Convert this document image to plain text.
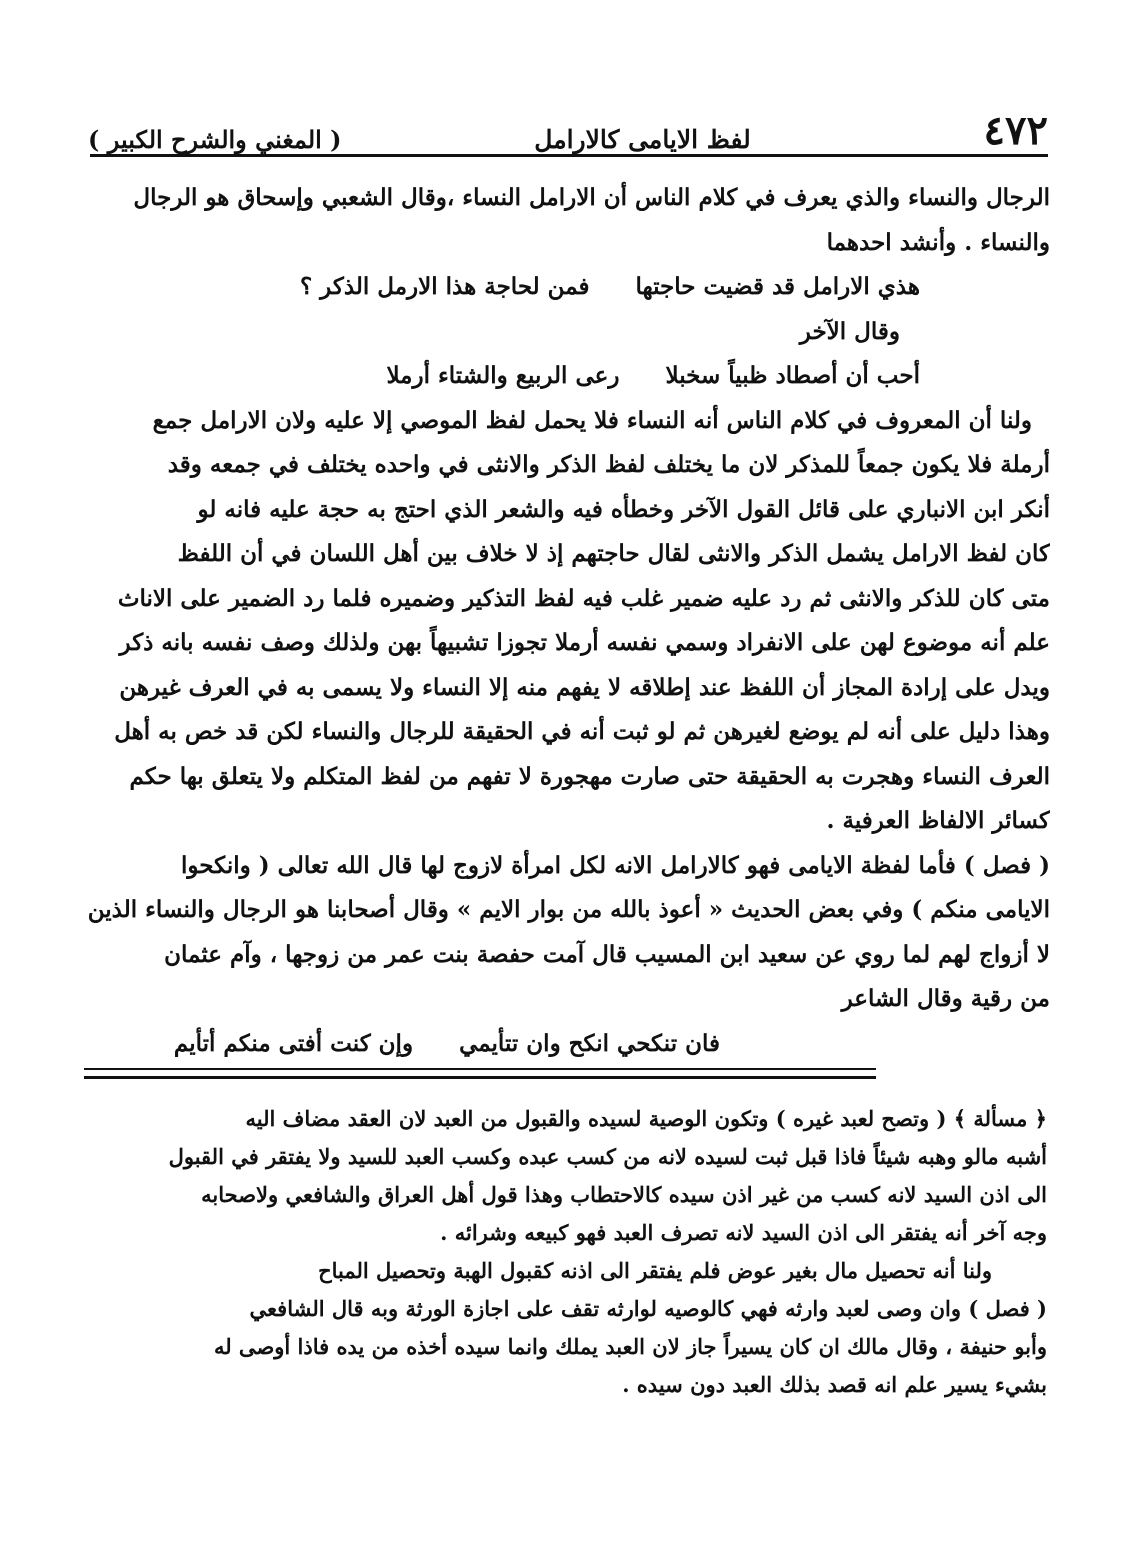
٤٧٢
لفظ الايامى كالارامل
( المغني والشرح الكبير )
الرجال والنساء والذي يعرف في كلام الناس أن الارامل النساء ،وقال الشعبي وإسحاق هو الرجال
والنساء . وأنشد احدهما
هذي الارامل قد قضيت حاجتها
فمن لحاجة هذا الارمل الذكر ؟
وقال الآخر
أحب أن أصطاد ظبياً سخبلا
رعى الربيع والشتاء أرملا
ولنا أن المعروف في كلام الناس أنه النساء فلا يحمل لفظ الموصي إلا عليه ولان الارامل جمع
أرملة فلا يكون جمعاً للمذكر لان ما يختلف لفظ الذكر والانثى في واحده يختلف في جمعه وقد
أنكر ابن الانباري على قائل القول الآخر وخطأه فيه والشعر الذي احتج به حجة عليه فانه لو
كان لفظ الارامل يشمل الذكر والانثى لقال حاجتهم إذ لا خلاف بين أهل اللسان في أن اللفظ
متى كان للذكر والانثى ثم رد عليه ضمير غلب فيه لفظ التذكير وضميره فلما رد الضمير على الاناث
علم أنه موضوع لهن على الانفراد وسمي نفسه أرملا تجوزا تشبيهاً بهن ولذلك وصف نفسه بانه ذكر
ويدل على إرادة المجاز أن اللفظ عند إطلاقه لا يفهم منه إلا النساء ولا يسمى به في العرف غيرهن
وهذا دليل على أنه لم يوضع لغيرهن ثم لو ثبت أنه في الحقيقة للرجال والنساء لكن قد خص به أهل
العرف النساء وهجرت به الحقيقة حتى صارت مهجورة لا تفهم من لفظ المتكلم ولا يتعلق بها حكم
كسائر الالفاظ العرفية .
( فصل ) فأما لفظة الايامى فهو كالارامل الانه لكل امرأة لازوج لها قال الله تعالى ( وانكحوا
الايامى منكم ) وفي بعض الحديث « أعوذ بالله من بوار الايم » وقال أصحابنا هو الرجال والنساء الذين
لا أزواج لهم لما روي عن سعيد ابن المسيب قال آمت حفصة بنت عمر من زوجها ، وآم عثمان
من رقية وقال الشاعر
فان تنكحي انكح وان تتأيمي
وإن كنت أفتى منكم أتأيم
﴿ مسألة ﴾ ( وتصح لعبد غيره ) وتكون الوصية لسيده والقبول من العبد لان العقد مضاف اليه
أشبه مالو وهبه شيئاً فاذا قبل ثبت لسيده لانه من كسب عبده وكسب العبد للسيد ولا يفتقر في القبول
الى اذن السيد لانه كسب من غير اذن سيده كالاحتطاب وهذا قول أهل العراق والشافعي ولاصحابه
وجه آخر أنه يفتقر الى اذن السيد لانه تصرف العبد فهو كبيعه وشرائه .
ولنا أنه تحصيل مال بغير عوض فلم يفتقر الى اذنه كقبول الهبة وتحصيل المباح
( فصل ) وان وصى لعبد وارثه فهي كالوصيه لوارثه تقف على اجازة الورثة وبه قال الشافعي
وأبو حنيفة ، وقال مالك ان كان يسيراً جاز لان العبد يملك وانما سيده أخذه من يده فاذا أوصى له
بشيء يسير علم انه قصد بذلك العبد دون سيده .
